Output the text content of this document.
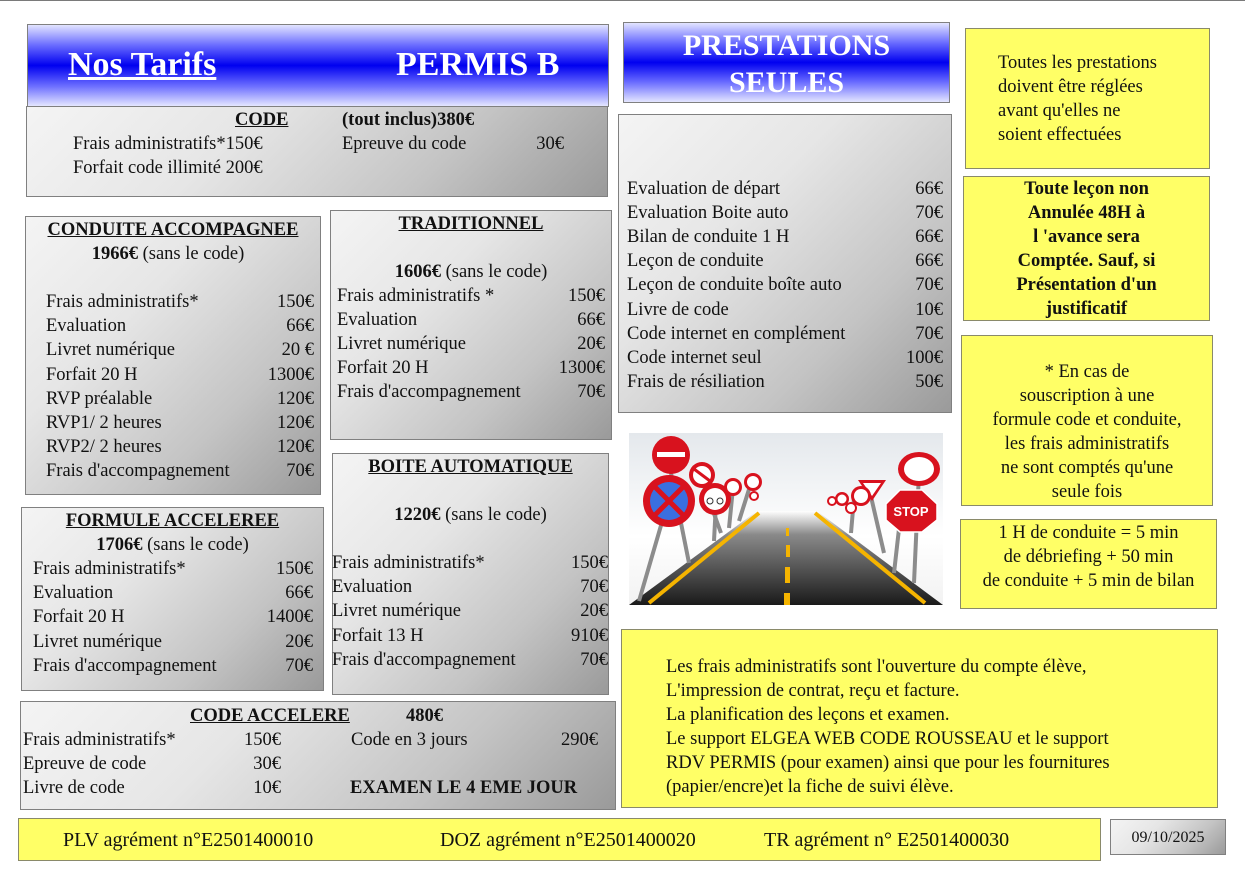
Nos Tarifs	PERMIS B
CODE	(tout inclus)380€
Frais administratifs*150€
Forfait code illimité 200€
Epreuve du code	30€
CONDUITE ACCOMPAGNEE
1966€ (sans le code)
Frais administratifs*	150€
Evaluation	66€
Livret numérique	20 €
Forfait 20 H	1300€
RVP préalable	120€
RVP1/ 2 heures	120€
RVP2/ 2 heures	120€
Frais d'accompagnement	70€
TRADITIONNEL
1606€ (sans le code)
Frais administratifs *	150€
Evaluation	66€
Livret numérique	20€
Forfait 20 H	1300€
Frais d'accompagnement	70€
FORMULE ACCELEREE
1706€ (sans le code)
Frais administratifs*	150€
Evaluation	66€
Forfait 20 H	1400€
Livret numérique	20€
Frais d'accompagnement	70€
BOITE AUTOMATIQUE
1220€ (sans le code)
Frais administratifs*	150€
Evaluation	70€
Livret numérique	20€
Forfait 13 H	910€
Frais d'accompagnement	70€
CODE ACCELERE	480€
Frais administratifs*	150€
Epreuve de code	30€
Livre de code	10€
Code en 3 jours	290€
EXAMEN LE 4 EME JOUR
PRESTATIONS
SEULES
Evaluation de départ	66€
Evaluation Boite auto	70€
Bilan de conduite 1 H	66€
Leçon de conduite	66€
Leçon de conduite boîte auto	70€
Livre de code	10€
Code internet en complément	70€
Code internet seul	100€
Frais de résiliation	50€
STOP
Toutes les prestations
doivent être réglées
avant qu'elles ne
soient effectuées
Toute leçon non
Annulée 48H à
l 'avance sera
Comptée. Sauf, si
Présentation d'un
justificatif
* En cas de
souscription à une
formule code et conduite,
les frais administratifs
ne sont comptés qu'une
seule fois
1 H de conduite = 5 min
de débriefing + 50 min
de conduite + 5 min de bilan
Les frais administratifs sont l'ouverture du compte élève,
L'impression de contrat, reçu et facture.
La planification des leçons et examen.
Le support ELGEA WEB CODE ROUSSEAU et le support
RDV PERMIS (pour examen) ainsi que pour les fournitures
(papier/encre)et la fiche de suivi élève.
PLV agrément n°E2501400010	DOZ agrément n°E2501400020	TR agrément n° E2501400030	09/10/2025
